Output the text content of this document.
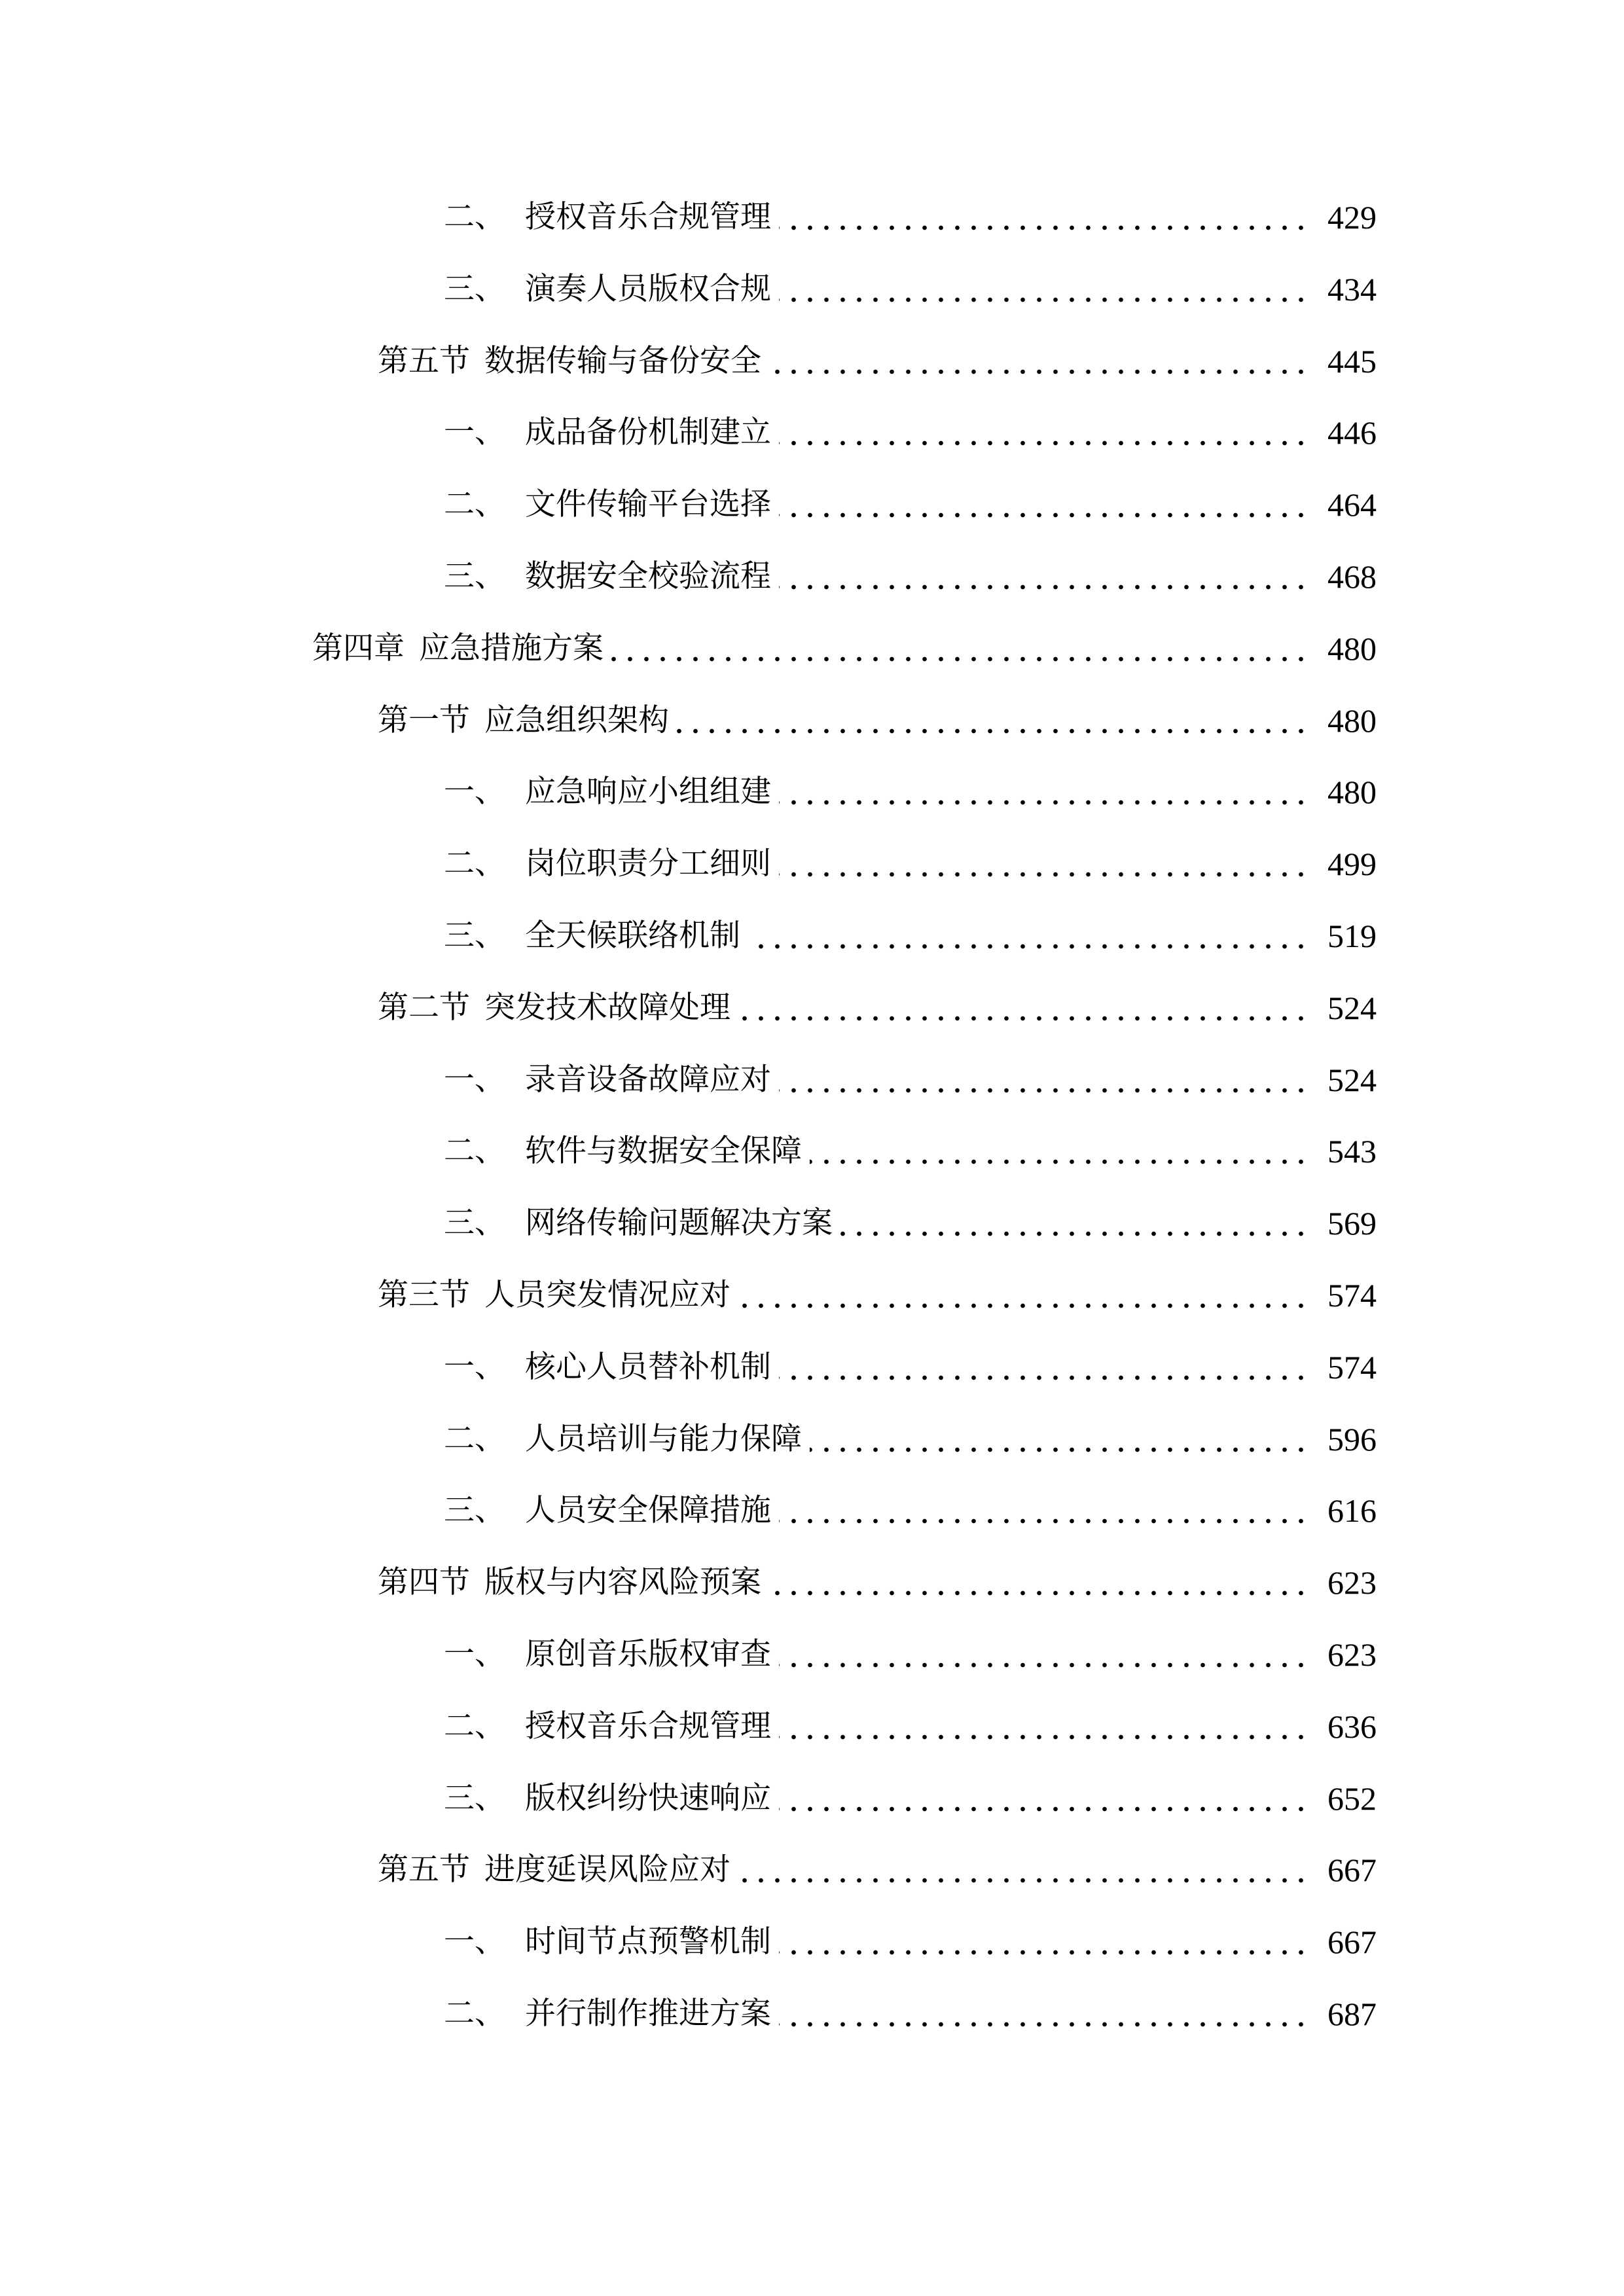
二、 授权音乐合规管理	429
三、 演奏人员版权合规	434
第五节 数据传输与备份安全	445
一、 成品备份机制建立	446
二、 文件传输平台选择	464
三、 数据安全校验流程	468
第四章 应急措施方案	480
第一节 应急组织架构	480
一、 应急响应小组组建	480
二、 岗位职责分工细则	499
三、 全天候联络机制	519
第二节 突发技术故障处理	524
一、 录音设备故障应对	524
二、 软件与数据安全保障	543
三、 网络传输问题解决方案	569
第三节 人员突发情况应对	574
一、 核心人员替补机制	574
二、 人员培训与能力保障	596
三、 人员安全保障措施	616
第四节 版权与内容风险预案	623
一、 原创音乐版权审查	623
二、 授权音乐合规管理	636
三、 版权纠纷快速响应	652
第五节 进度延误风险应对	667
一、 时间节点预警机制	667
二、 并行制作推进方案	687
